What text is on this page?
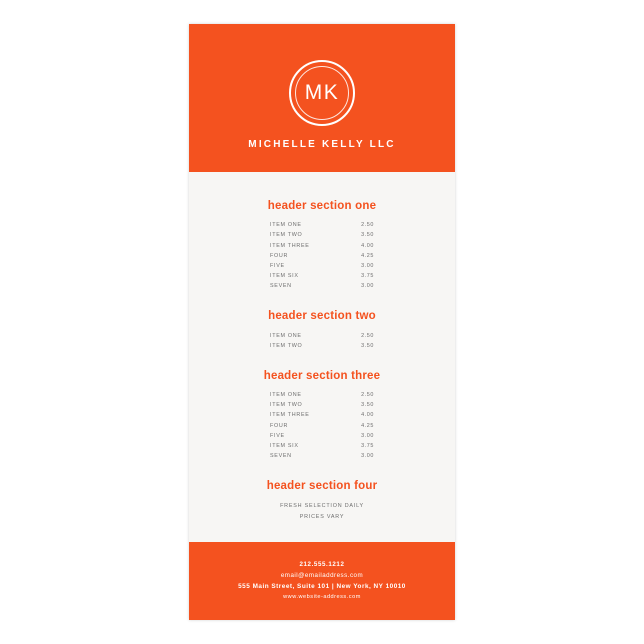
MK
MICHELLE KELLY LLC
header section one
ITEM ONE	2.50
ITEM TWO	3.50
ITEM THREE	4.00
FOUR	4.25
FIVE	3.00
ITEM SIX	3.75
SEVEN	3.00
header section two
ITEM ONE	2.50
ITEM TWO	3.50
header section three
ITEM ONE	2.50
ITEM TWO	3.50
ITEM THREE	4.00
FOUR	4.25
FIVE	3.00
ITEM SIX	3.75
SEVEN	3.00
header section four
FRESH SELECTION DAILY
PRICES VARY
212.555.1212
email@emailaddress.com
555 Main Street, Suite 101 | New York, NY 10010
www.website-address.com
